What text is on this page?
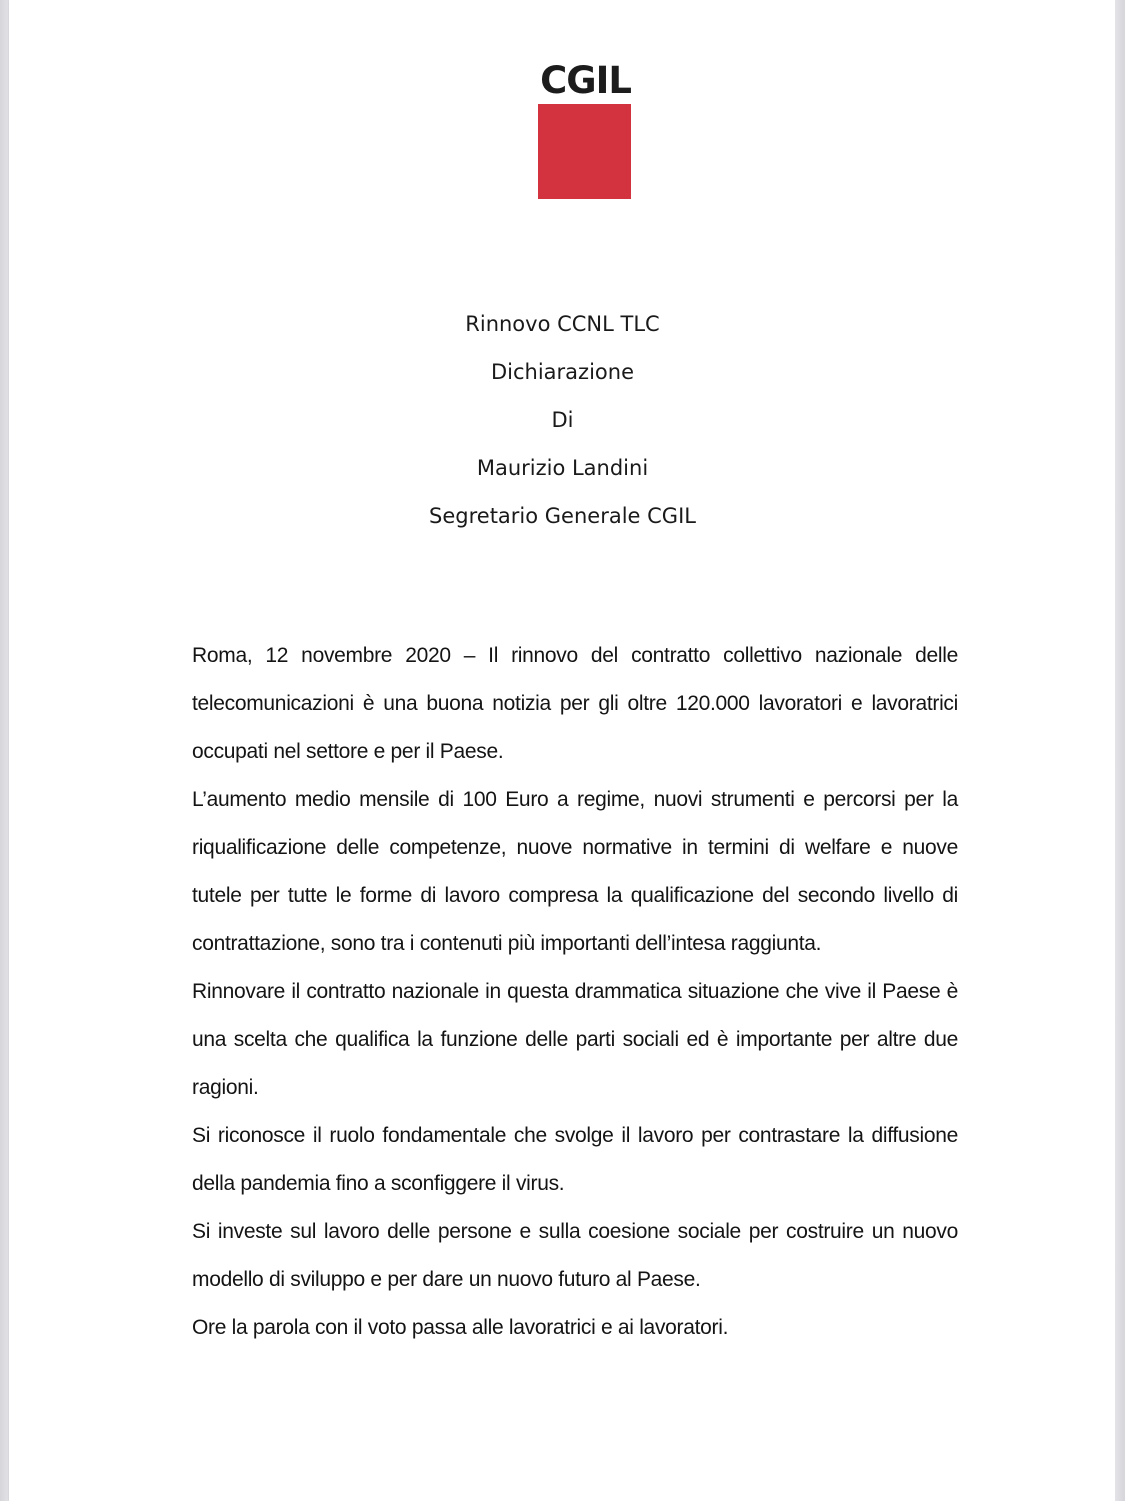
CGIL
Rinnovo CCNL TLC
Dichiarazione
Di
Maurizio Landini
Segretario Generale CGIL

Roma, 12 novembre 2020 – Il rinnovo del contratto collettivo nazionale delle telecomunicazioni è una buona notizia per gli oltre 120.000 lavoratori e lavoratrici occupati nel settore e per il Paese.

L’aumento medio mensile di 100 Euro a regime, nuovi strumenti e percorsi per la riqualificazione delle competenze, nuove normative in termini di welfare e nuove tutele per tutte le forme di lavoro compresa la qualificazione del secondo livello di contrattazione, sono tra i contenuti più importanti dell’intesa raggiunta.

Rinnovare il contratto nazionale in questa drammatica situazione che vive il Paese è una scelta che qualifica la funzione delle parti sociali ed è importante per altre due ragioni.

Si riconosce il ruolo fondamentale che svolge il lavoro per contrastare la diffusione della pandemia fino a sconfiggere il virus.

Si investe sul lavoro delle persone e sulla coesione sociale per costruire un nuovo modello di sviluppo e per dare un nuovo futuro al Paese.

Ore la parola con il voto passa alle lavoratrici e ai lavoratori.
